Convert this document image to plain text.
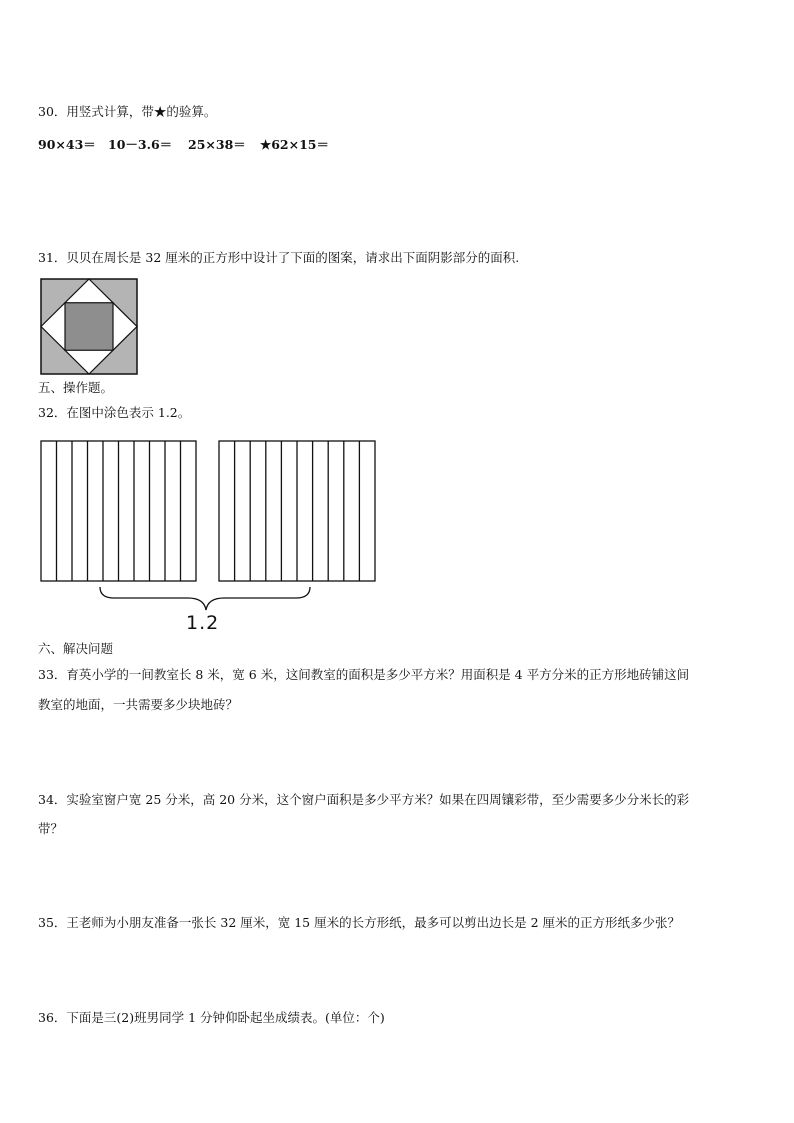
30．用竖式计算，带★的验算。
90×43＝ 10－3.6＝ 25×38＝ ★62×15＝
31．贝贝在周长是 32 厘米的正方形中设计了下面的图案，请求出下面阴影部分的面积.
五、操作题。
32．在图中涂色表示 1.2。
1.2
六、解决问题
33．育英小学的一间教室长 8 米，宽 6 米，这间教室的面积是多少平方米？用面积是 4 平方分米的正方形地砖铺这间
教室的地面，一共需要多少块地砖？
34．实验室窗户宽 25 分米，高 20 分米，这个窗户面积是多少平方米？如果在四周镶彩带，至少需要多少分米长的彩
带？
35．王老师为小朋友准备一张长 32 厘米，宽 15 厘米的长方形纸，最多可以剪出边长是 2 厘米的正方形纸多少张？
36．下面是三(2)班男同学 1 分钟仰卧起坐成绩表。(单位：个)
